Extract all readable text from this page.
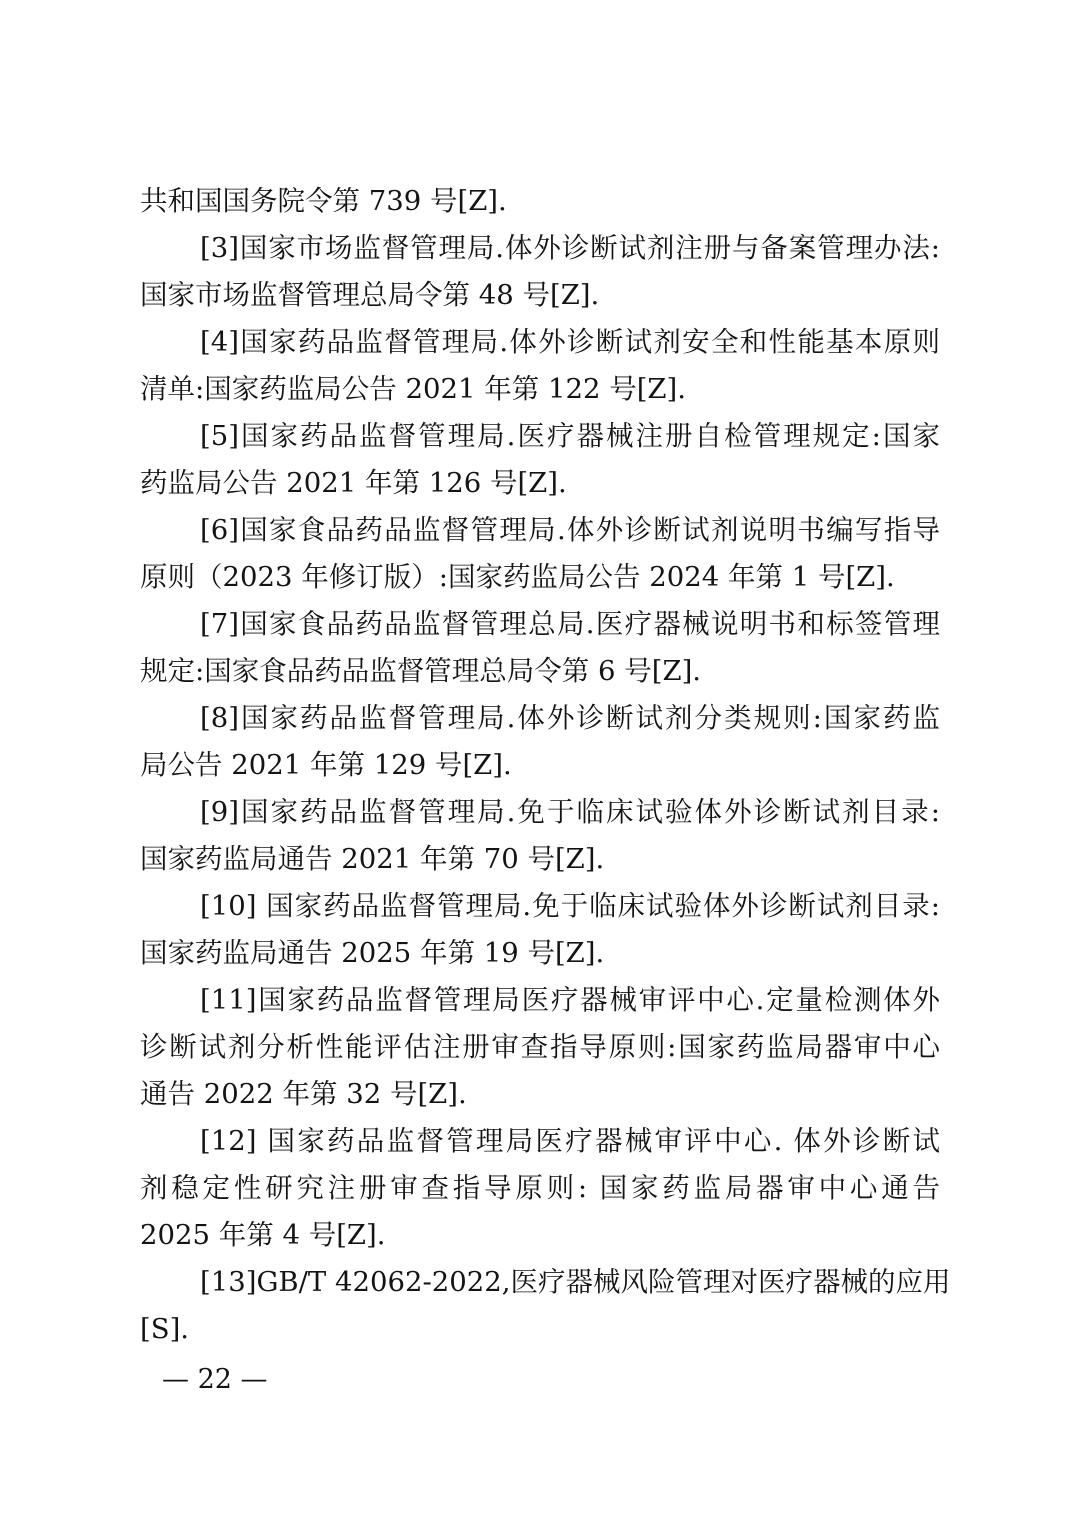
共和国国务院令第 739 号[Z].
[3]国家市场监督管理局.体外诊断试剂注册与备案管理办法:
国家市场监督管理总局令第 48 号[Z].
[4]国家药品监督管理局.体外诊断试剂安全和性能基本原则
清单:国家药监局公告 2021 年第 122 号[Z].
[5]国家药品监督管理局.医疗器械注册自检管理规定:国家
药监局公告 2021 年第 126 号[Z].
[6]国家食品药品监督管理局.体外诊断试剂说明书编写指导
原则（2023 年修订版）:国家药监局公告 2024 年第 1 号[Z].
[7]国家食品药品监督管理总局.医疗器械说明书和标签管理
规定:国家食品药品监督管理总局令第 6 号[Z].
[8]国家药品监督管理局.体外诊断试剂分类规则:国家药监
局公告 2021 年第 129 号[Z].
[9]国家药品监督管理局.免于临床试验体外诊断试剂目录:
国家药监局通告 2021 年第 70 号[Z].
[10] 国家药品监督管理局.免于临床试验体外诊断试剂目录:
国家药监局通告 2025 年第 19 号[Z].
[11]国家药品监督管理局医疗器械审评中心.定量检测体外
诊断试剂分析性能评估注册审查指导原则:国家药监局器审中心
通告 2022 年第 32 号[Z].
[12] 国家药品监督管理局医疗器械审评中心. 体外诊断试
剂稳定性研究注册审查指导原则: 国家药监局器审中心通告
2025 年第 4 号[Z].
[13]GB/T 42062-2022,医疗器械风险管理对医疗器械的应用
[S].
— 22 —
